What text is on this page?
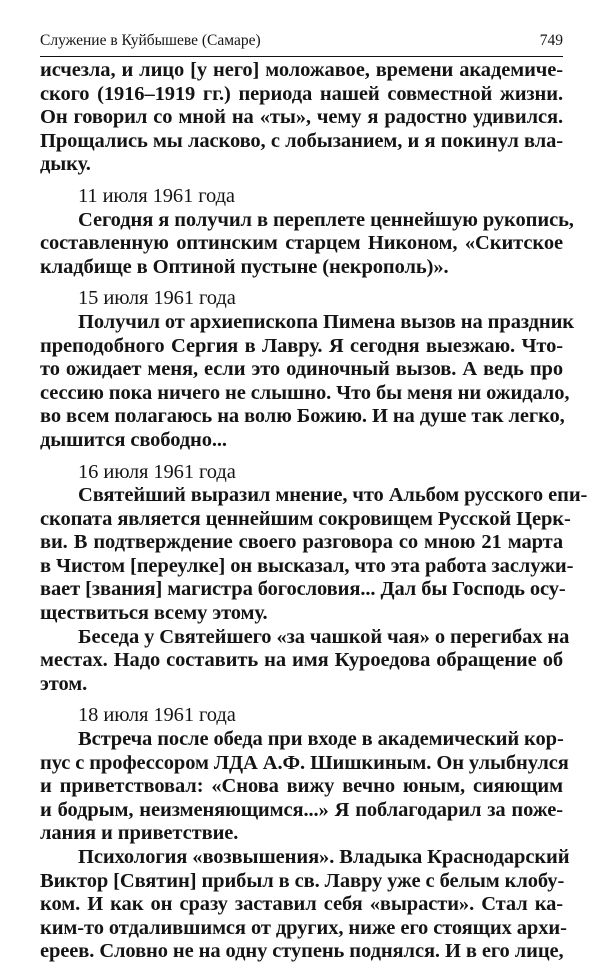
Служение в Куйбышеве (Самаре)	749
исчезла, и лицо [у него] моложавое, времени академиче-
ского (1916–1919 гг.) периода нашей совместной жизни.
Он говорил со мной на «ты», чему я радостно удивился.
Прощались мы ласково, с лобызанием, и я покинул вла-
дыку.
11 июля 1961 года
Сегодня я получил в переплете ценнейшую рукопись,
составленную оптинским старцем Никоном, «Скитское
кладбище в Оптиной пустыне (некрополь)».
15 июля 1961 года
Получил от архиепископа Пимена вызов на праздник
преподобного Сергия в Лавру. Я сегодня выезжаю. Что-
то ожидает меня, если это одиночный вызов. А ведь про
сессию пока ничего не слышно. Что бы меня ни ожидало,
во всем полагаюсь на волю Божию. И на душе так легко,
дышится свободно...
16 июля 1961 года
Святейший выразил мнение, что Альбом русского епи-
скопата является ценнейшим сокровищем Русской Церк-
ви. В подтверждение своего разговора со мною 21 марта
в Чистом [переулке] он высказал, что эта работа заслужи-
вает [звания] магистра богословия... Дал бы Господь осу-
ществиться всему этому.
Беседа у Святейшего «за чашкой чая» о перегибах на
местах. Надо составить на имя Куроедова обращение об
этом.
18 июля 1961 года
Встреча после обеда при входе в академический кор-
пус с профессором ЛДА А.Ф. Шишкиным. Он улыбнулся
и приветствовал: «Снова вижу вечно юным, сияющим
и бодрым, неизменяющимся...» Я поблагодарил за поже-
лания и приветствие.
Психология «возвышения». Владыка Краснодарский
Виктор [Святин] прибыл в св. Лавру уже с белым клобу-
ком. И как он сразу заставил себя «вырасти». Стал ка-
ким-то отдалившимся от других, ниже его стоящих архи-
ереев. Словно не на одну ступень поднялся. И в его лице,
